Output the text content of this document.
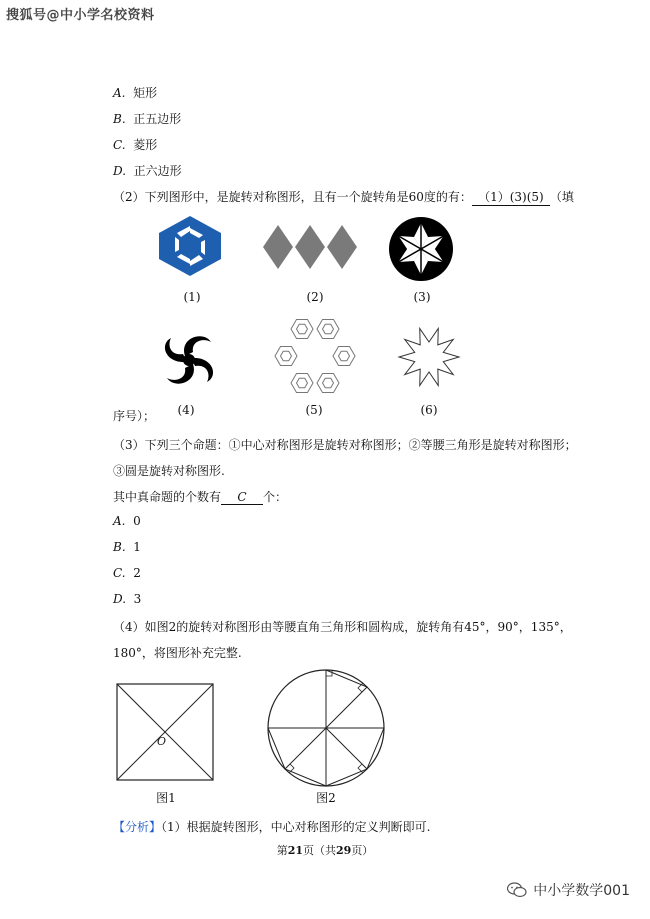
搜狐号@中小学名校资料
A. 矩形
B. 正五边形
C. 菱形
D. 正六边形
（2）下列图形中，是旋转对称图形，且有一个旋转角是60度的有： （1）(3)(5) （填
(1)	(2)	(3)
(4)	(5)	(6)
序号）；
（3）下列三个命题：①中心对称图形是旋转对称图形；②等腰三角形是旋转对称图形；
③圆是旋转对称图形.
其中真命题的个数有 C 个：
A. 0
B. 1
C. 2
D. 3
（4）如图2的旋转对称图形由等腰直角三角形和圆构成，旋转角有45°，90°，135°，
180°，将图形补充完整.
O
图1	图2
【分析】（1）根据旋转图形，中心对称图形的定义判断即可.
第21页（共29页）
中小学数学001
